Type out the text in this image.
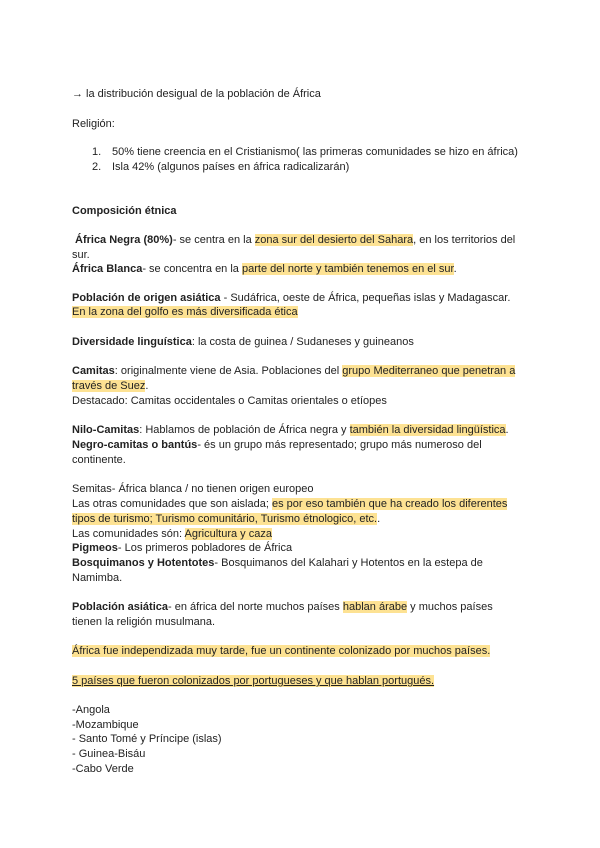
→ la distribución desigual de la población de África
Religión:
1. 50% tiene creencia en el Cristianismo( las primeras comunidades se hizo en áfrica)
2. Isla 42% (algunos países en áfrica radicalizarán)
Composición étnica
África Negra (80%)- se centra en la zona sur del desierto del Sahara, en los territorios del
sur.
África Blanca- se concentra en la parte del norte y también tenemos en el sur.
Población de origen asiática - Sudáfrica, oeste de África, pequeñas islas y Madagascar.
En la zona del golfo es más diversificada ética
Diversidade linguística: la costa de guinea / Sudaneses y guineanos
Camitas: originalmente viene de Asia. Poblaciones del grupo Mediterraneo que penetran a
través de Suez.
Destacado: Camitas occidentales o Camitas orientales o etíopes
Nilo-Camitas: Hablamos de población de África negra y también la diversidad lingüística.
Negro-camitas o bantús- és un grupo más representado; grupo más numeroso del
continente.
Semitas- África blanca / no tienen origen europeo
Las otras comunidades que son aislada; es por eso también que ha creado los diferentes
tipos de turismo; Turismo comunitário, Turismo étnologico, etc..
Las comunidades són: Agricultura y caza
Pigmeos- Los primeros pobladores de África
Bosquimanos y Hotentotes- Bosquimanos del Kalahari y Hotentos en la estepa de
Namimba.
Población asiática- en áfrica del norte muchos países hablan árabe y muchos países
tienen la religión musulmana.
África fue independizada muy tarde, fue un continente colonizado por muchos países.
5 países que fueron colonizados por portugueses y que hablan portugués.
-Angola
-Mozambique
- Santo Tomé y Príncipe (islas)
- Guinea-Bisáu
-Cabo Verde
